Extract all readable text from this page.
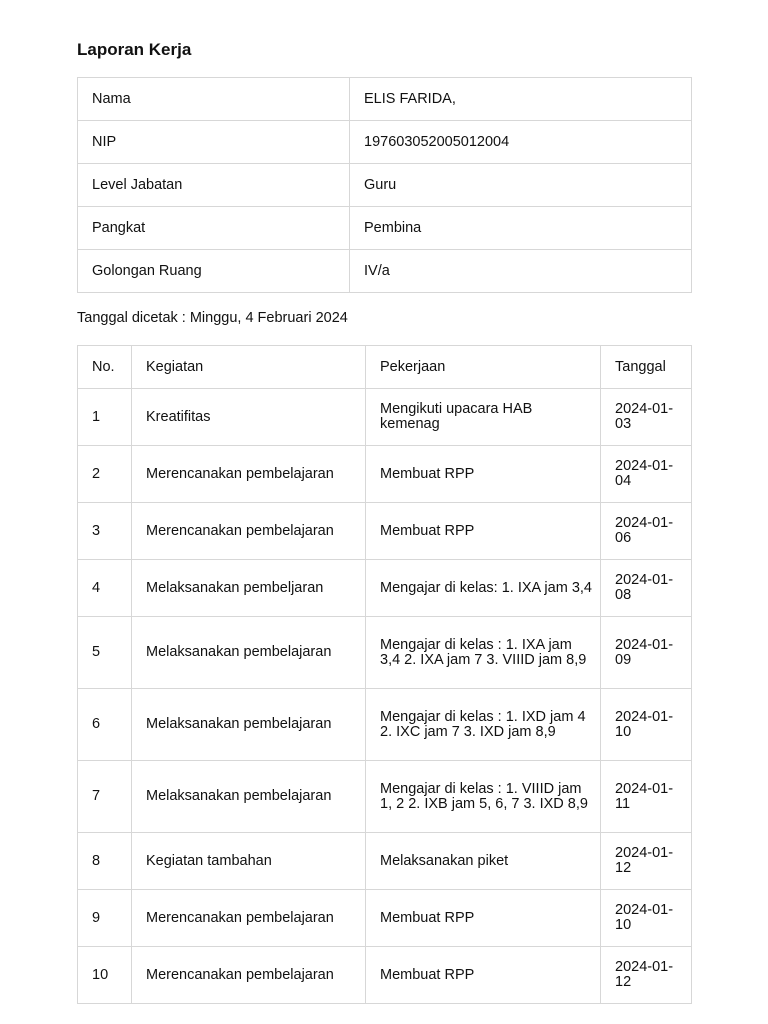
Laporan Kerja
Nama	ELIS FARIDA,
NIP	197603052005012004
Level Jabatan	Guru
Pangkat	Pembina
Golongan Ruang	IV/a

Tanggal dicetak : Minggu, 4 Februari 2024

No.	Kegiatan	Pekerjaan	Tanggal
1	Kreatifitas	Mengikuti upacara HAB kemenag	2024-01-03
2	Merencanakan pembelajaran	Membuat RPP	2024-01-04
3	Merencanakan pembelajaran	Membuat RPP	2024-01-06
4	Melaksanakan pembeljaran	Mengajar di kelas: 1. IXA jam 3,4	2024-01-08
5	Melaksanakan pembelajaran	Mengajar di kelas : 1. IXA jam 3,4 2. IXA jam 7 3. VIIID jam 8,9	2024-01-09
6	Melaksanakan pembelajaran	Mengajar di kelas : 1. IXD jam 4 2. IXC jam 7 3. IXD jam 8,9	2024-01-10
7	Melaksanakan pembelajaran	Mengajar di kelas : 1. VIIID jam 1, 2 2. IXB jam 5, 6, 7 3. IXD 8,9	2024-01-11
8	Kegiatan tambahan	Melaksanakan piket	2024-01-12
9	Merencanakan pembelajaran	Membuat RPP	2024-01-10
10	Merencanakan pembelajaran	Membuat RPP	2024-01-12
